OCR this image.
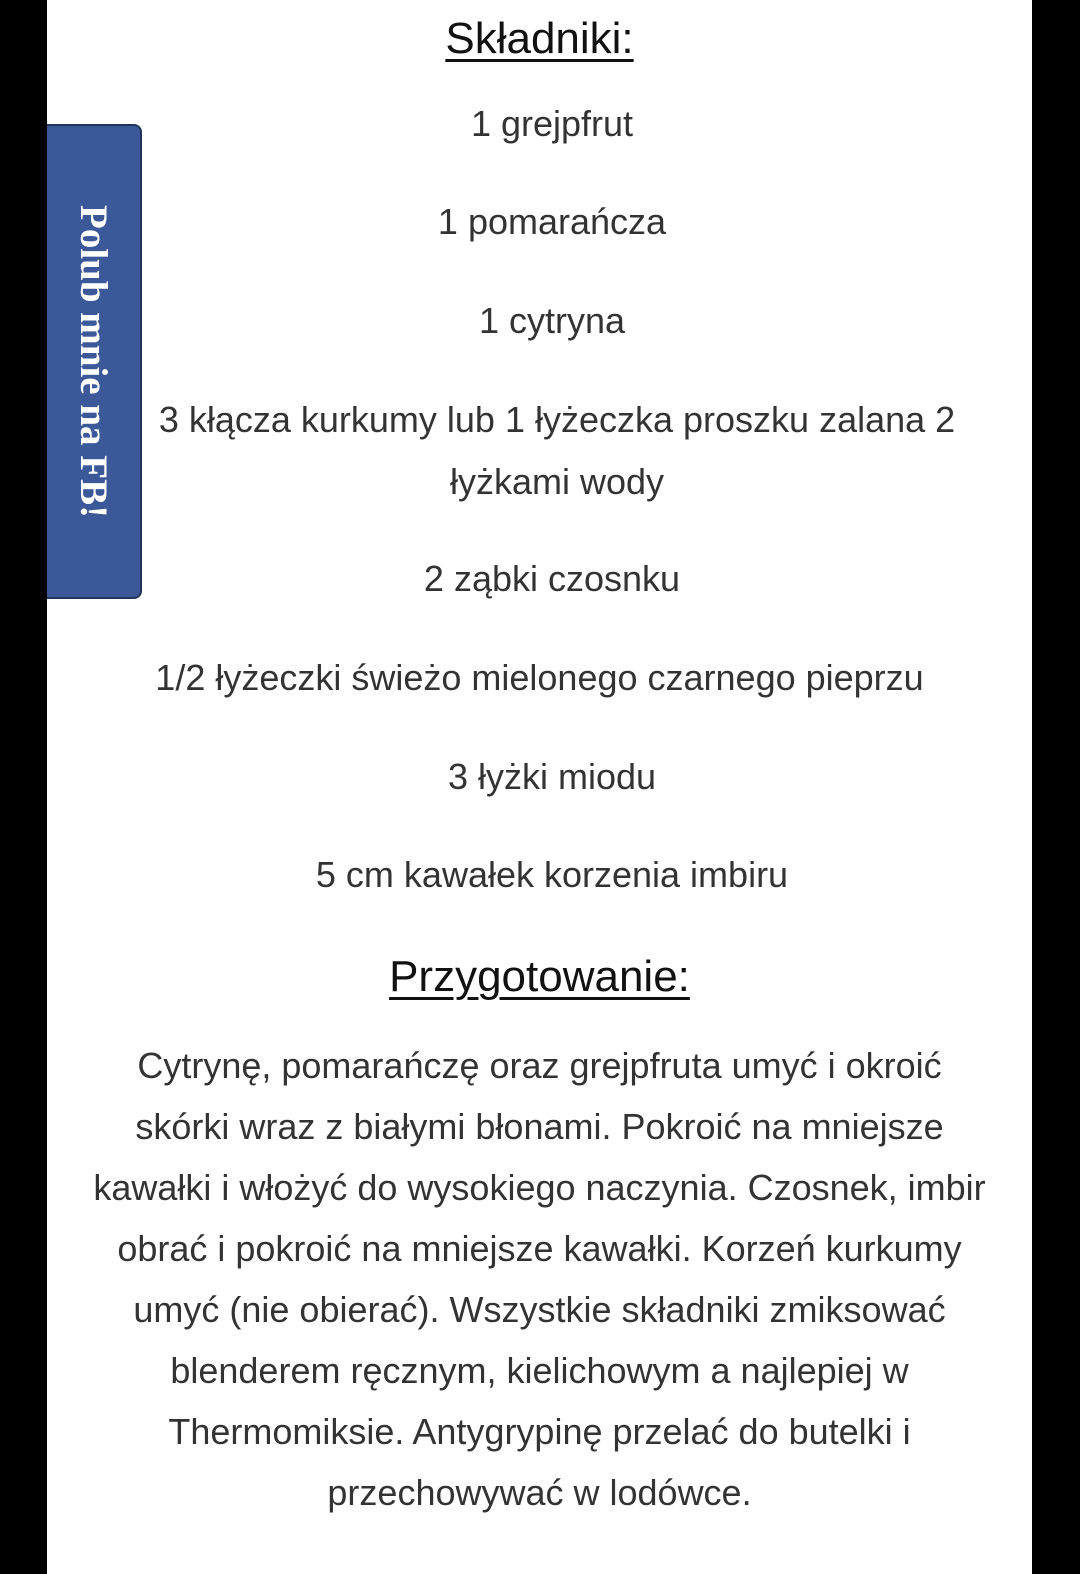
Składniki:
1 grejpfrut
1 pomarańcza
1 cytryna
3 kłącza kurkumy lub 1 łyżeczka proszku zalana 2 łyżkami wody
2 ząbki czosnku
1/2 łyżeczki świeżo mielonego czarnego pieprzu
3 łyżki miodu
5 cm kawałek korzenia imbiru
Przygotowanie:

Cytrynę, pomarańczę oraz grejpfruta umyć i okroić skórki wraz z białymi błonami. Pokroić na mniejsze kawałki i włożyć do wysokiego naczynia. Czosnek, imbir obrać i pokroić na mniejsze kawałki. Korzeń kurkumy umyć (nie obierać). Wszystkie składniki zmiksować blenderem ręcznym, kielichowym a najlepiej w Thermomiksie. Antygrypinę przelać do butelki i przechowywać w lodówce.

Polub mnie na FB!
